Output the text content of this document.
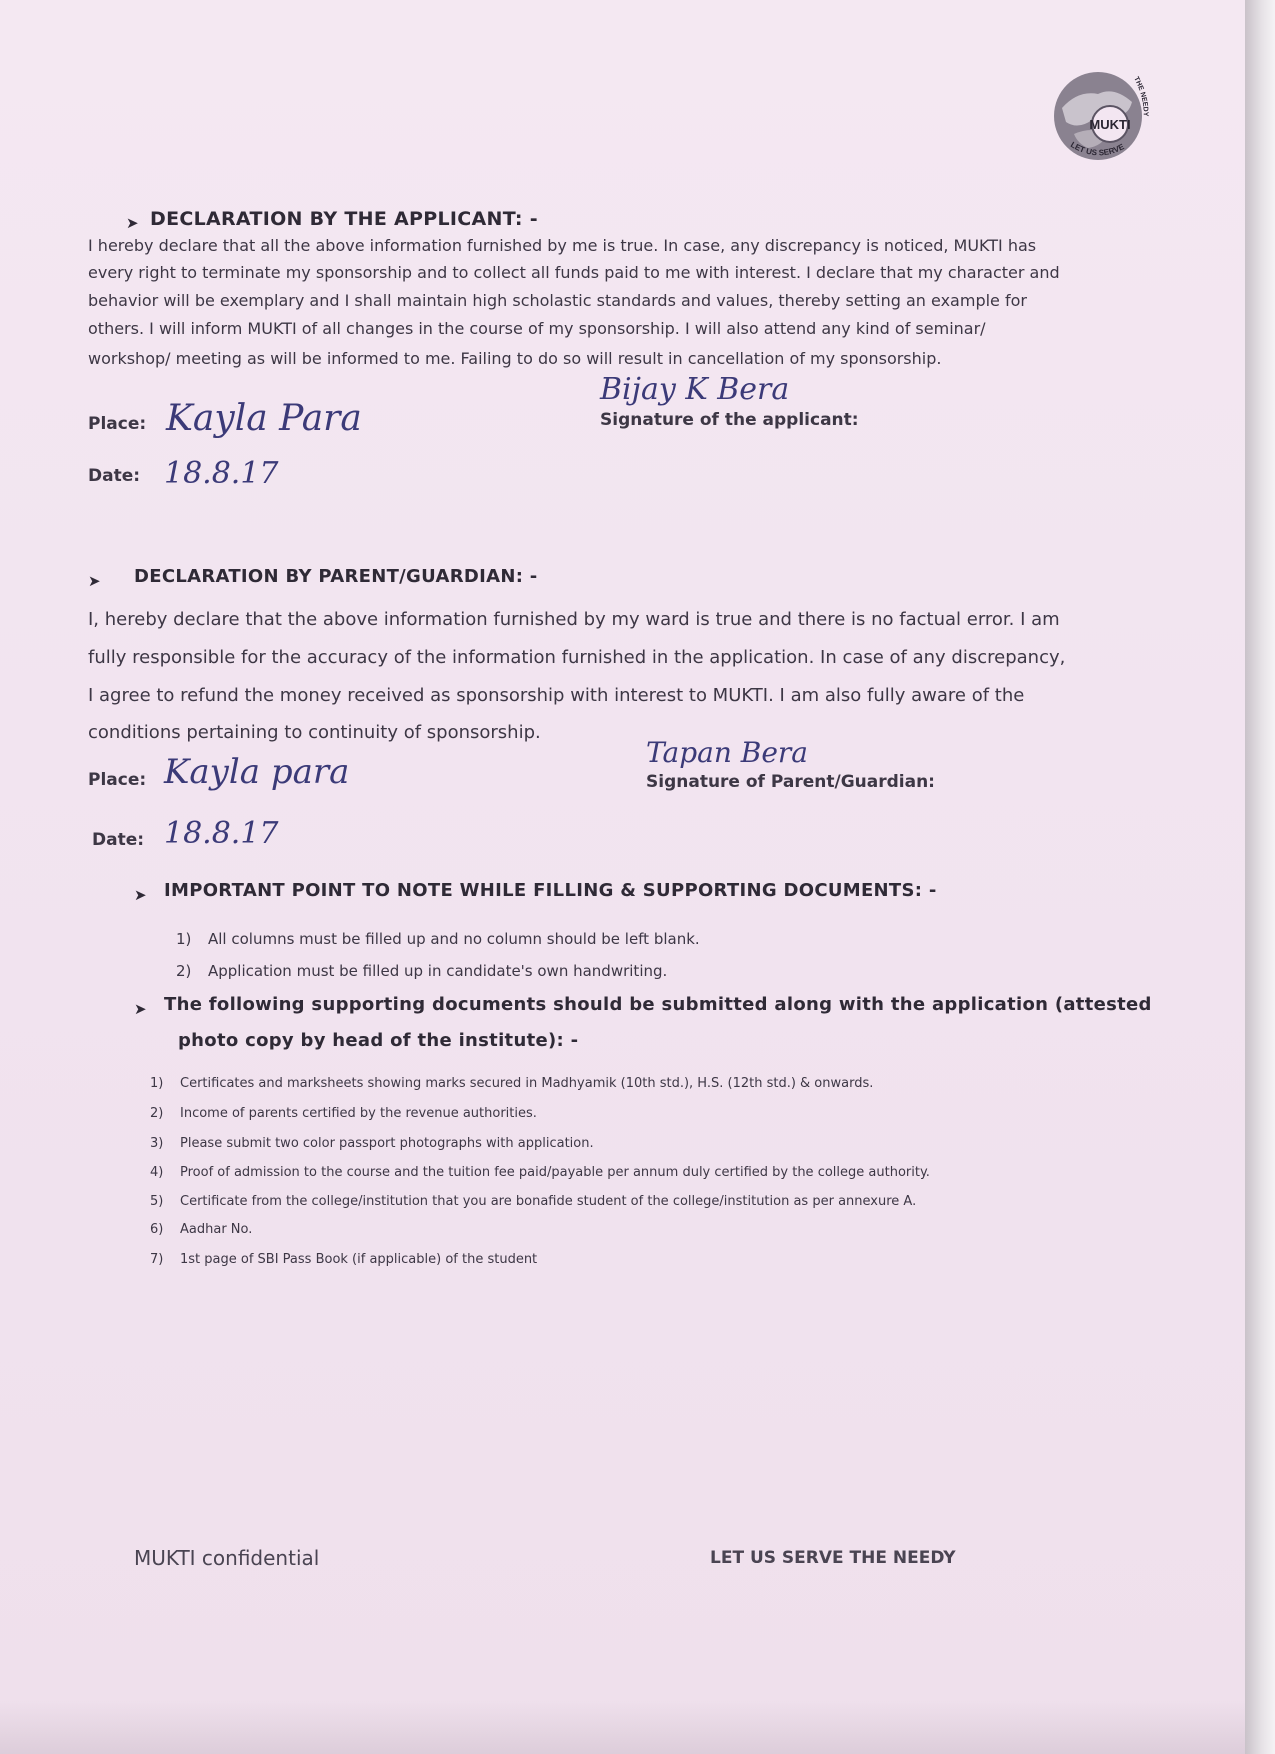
MUKTI
LET US SERVE
THE NEEDY
➤ DECLARATION BY THE APPLICANT: -
I hereby declare that all the above information furnished by me is true. In case, any discrepancy is noticed, MUKTI has
every right to terminate my sponsorship and to collect all funds paid to me with interest. I declare that my character and
behavior will be exemplary and I shall maintain high scholastic standards and values, thereby setting an example for
others. I will inform MUKTI of all changes in the course of my sponsorship. I will also attend any kind of seminar/
workshop/ meeting as will be informed to me. Failing to do so will result in cancellation of my sponsorship.
Place: Kayla Para
Date: 18.8.17
Bijay K Bera
Signature of the applicant:
➤ DECLARATION BY PARENT/GUARDIAN: -
I, hereby declare that the above information furnished by my ward is true and there is no factual error. I am
fully responsible for the accuracy of the information furnished in the application. In case of any discrepancy,
I agree to refund the money received as sponsorship with interest to MUKTI. I am also fully aware of the
conditions pertaining to continuity of sponsorship.
Place: Kayla para
Date: 18.8.17
Tapan Bera
Signature of Parent/Guardian:
➤ IMPORTANT POINT TO NOTE WHILE FILLING & SUPPORTING DOCUMENTS: -
1) All columns must be filled up and no column should be left blank.
2) Application must be filled up in candidate's own handwriting.
➤ The following supporting documents should be submitted along with the application (attested
photo copy by head of the institute): -
1) Certificates and marksheets showing marks secured in Madhyamik (10th std.), H.S. (12th std.) & onwards.
2) Income of parents certified by the revenue authorities.
3) Please submit two color passport photographs with application.
4) Proof of admission to the course and the tuition fee paid/payable per annum duly certified by the college authority.
5) Certificate from the college/institution that you are bonafide student of the college/institution as per annexure A.
6) Aadhar No.
7) 1st page of SBI Pass Book (if applicable) of the student
MUKTI confidential	LET US SERVE THE NEEDY
